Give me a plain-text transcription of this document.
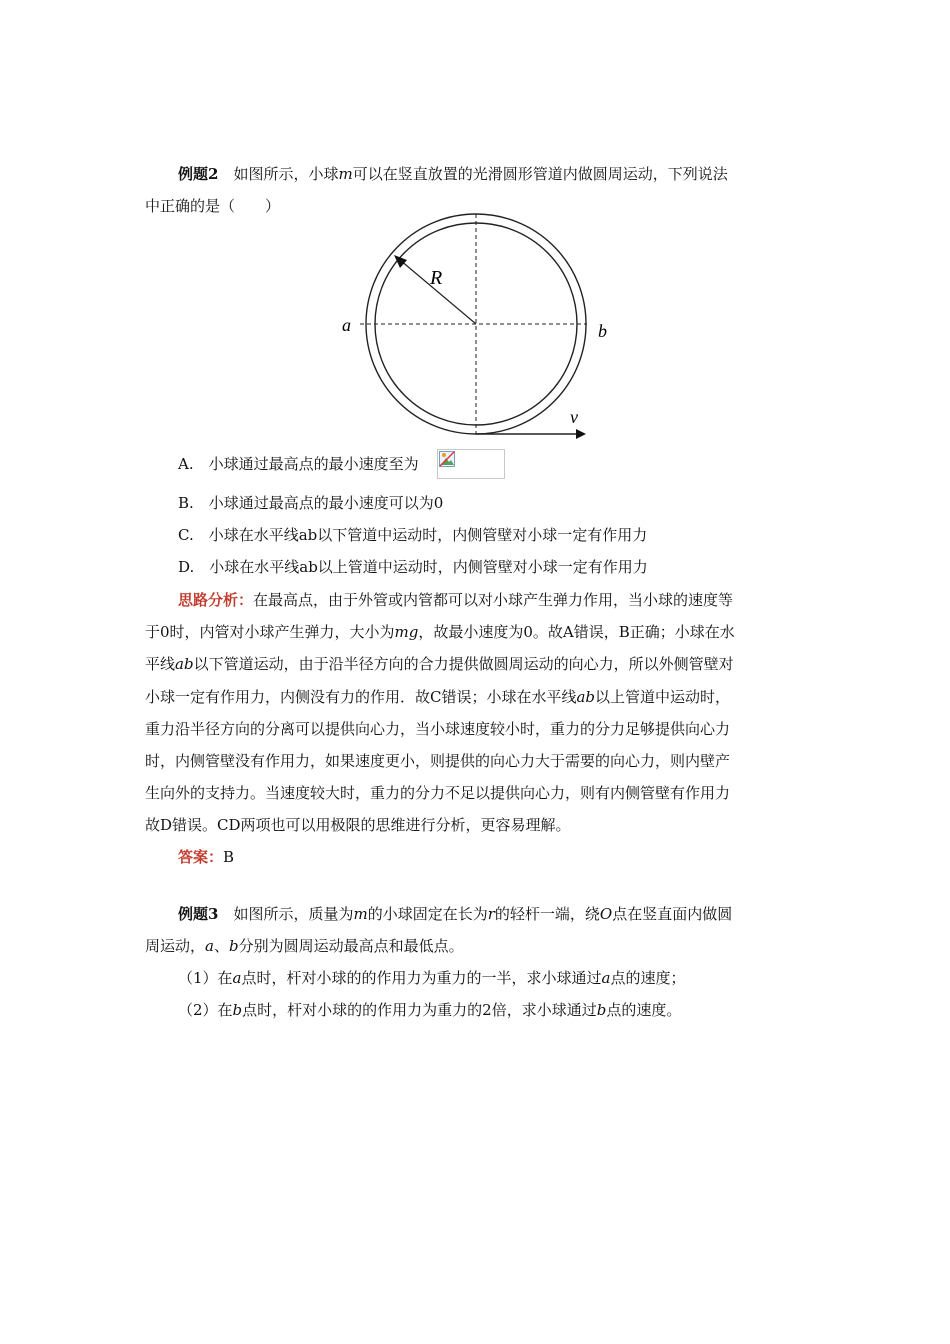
例题2　 如图所示，小球m可以在竖直放置的光滑圆形管道内做圆周运动，下列说法
中正确的是（　　）
R
a	b
v
A.　小球通过最高点的最小速度至为
B.　小球通过最高点的最小速度可以为0
C.　小球在水平线ab以下管道中运动时，内侧管壁对小球一定有作用力
D.　小球在水平线ab以上管道中运动时，内侧管壁对小球一定有作用力
思路分析：在最高点，由于外管或内管都可以对小球产生弹力作用，当小球的速度等
于0时，内管对小球产生弹力，大小为mg，故最小速度为0。故A错误，B正确；小球在水
平线ab以下管道运动，由于沿半径方向的合力提供做圆周运动的向心力，所以外侧管壁对
小球一定有作用力，内侧没有力的作用．故C错误；小球在水平线ab以上管道中运动时，
重力沿半径方向的分离可以提供向心力，当小球速度较小时，重力的分力足够提供向心力
时，内侧管壁没有作用力，如果速度更小，则提供的向心力大于需要的向心力，则内壁产
生向外的支持力。当速度较大时，重力的分力不足以提供向心力，则有内侧管壁有作用力
故D错误。CD两项也可以用极限的思维进行分析，更容易理解。
答案：B
例题3　 如图所示，质量为m的小球固定在长为r的轻杆一端，绕O点在竖直面内做圆
周运动，a、b分别为圆周运动最高点和最低点。
（1）在a点时，杆对小球的的作用力为重力的一半，求小球通过a点的速度；
（2）在b点时，杆对小球的的作用力为重力的2倍，求小球通过b点的速度。
